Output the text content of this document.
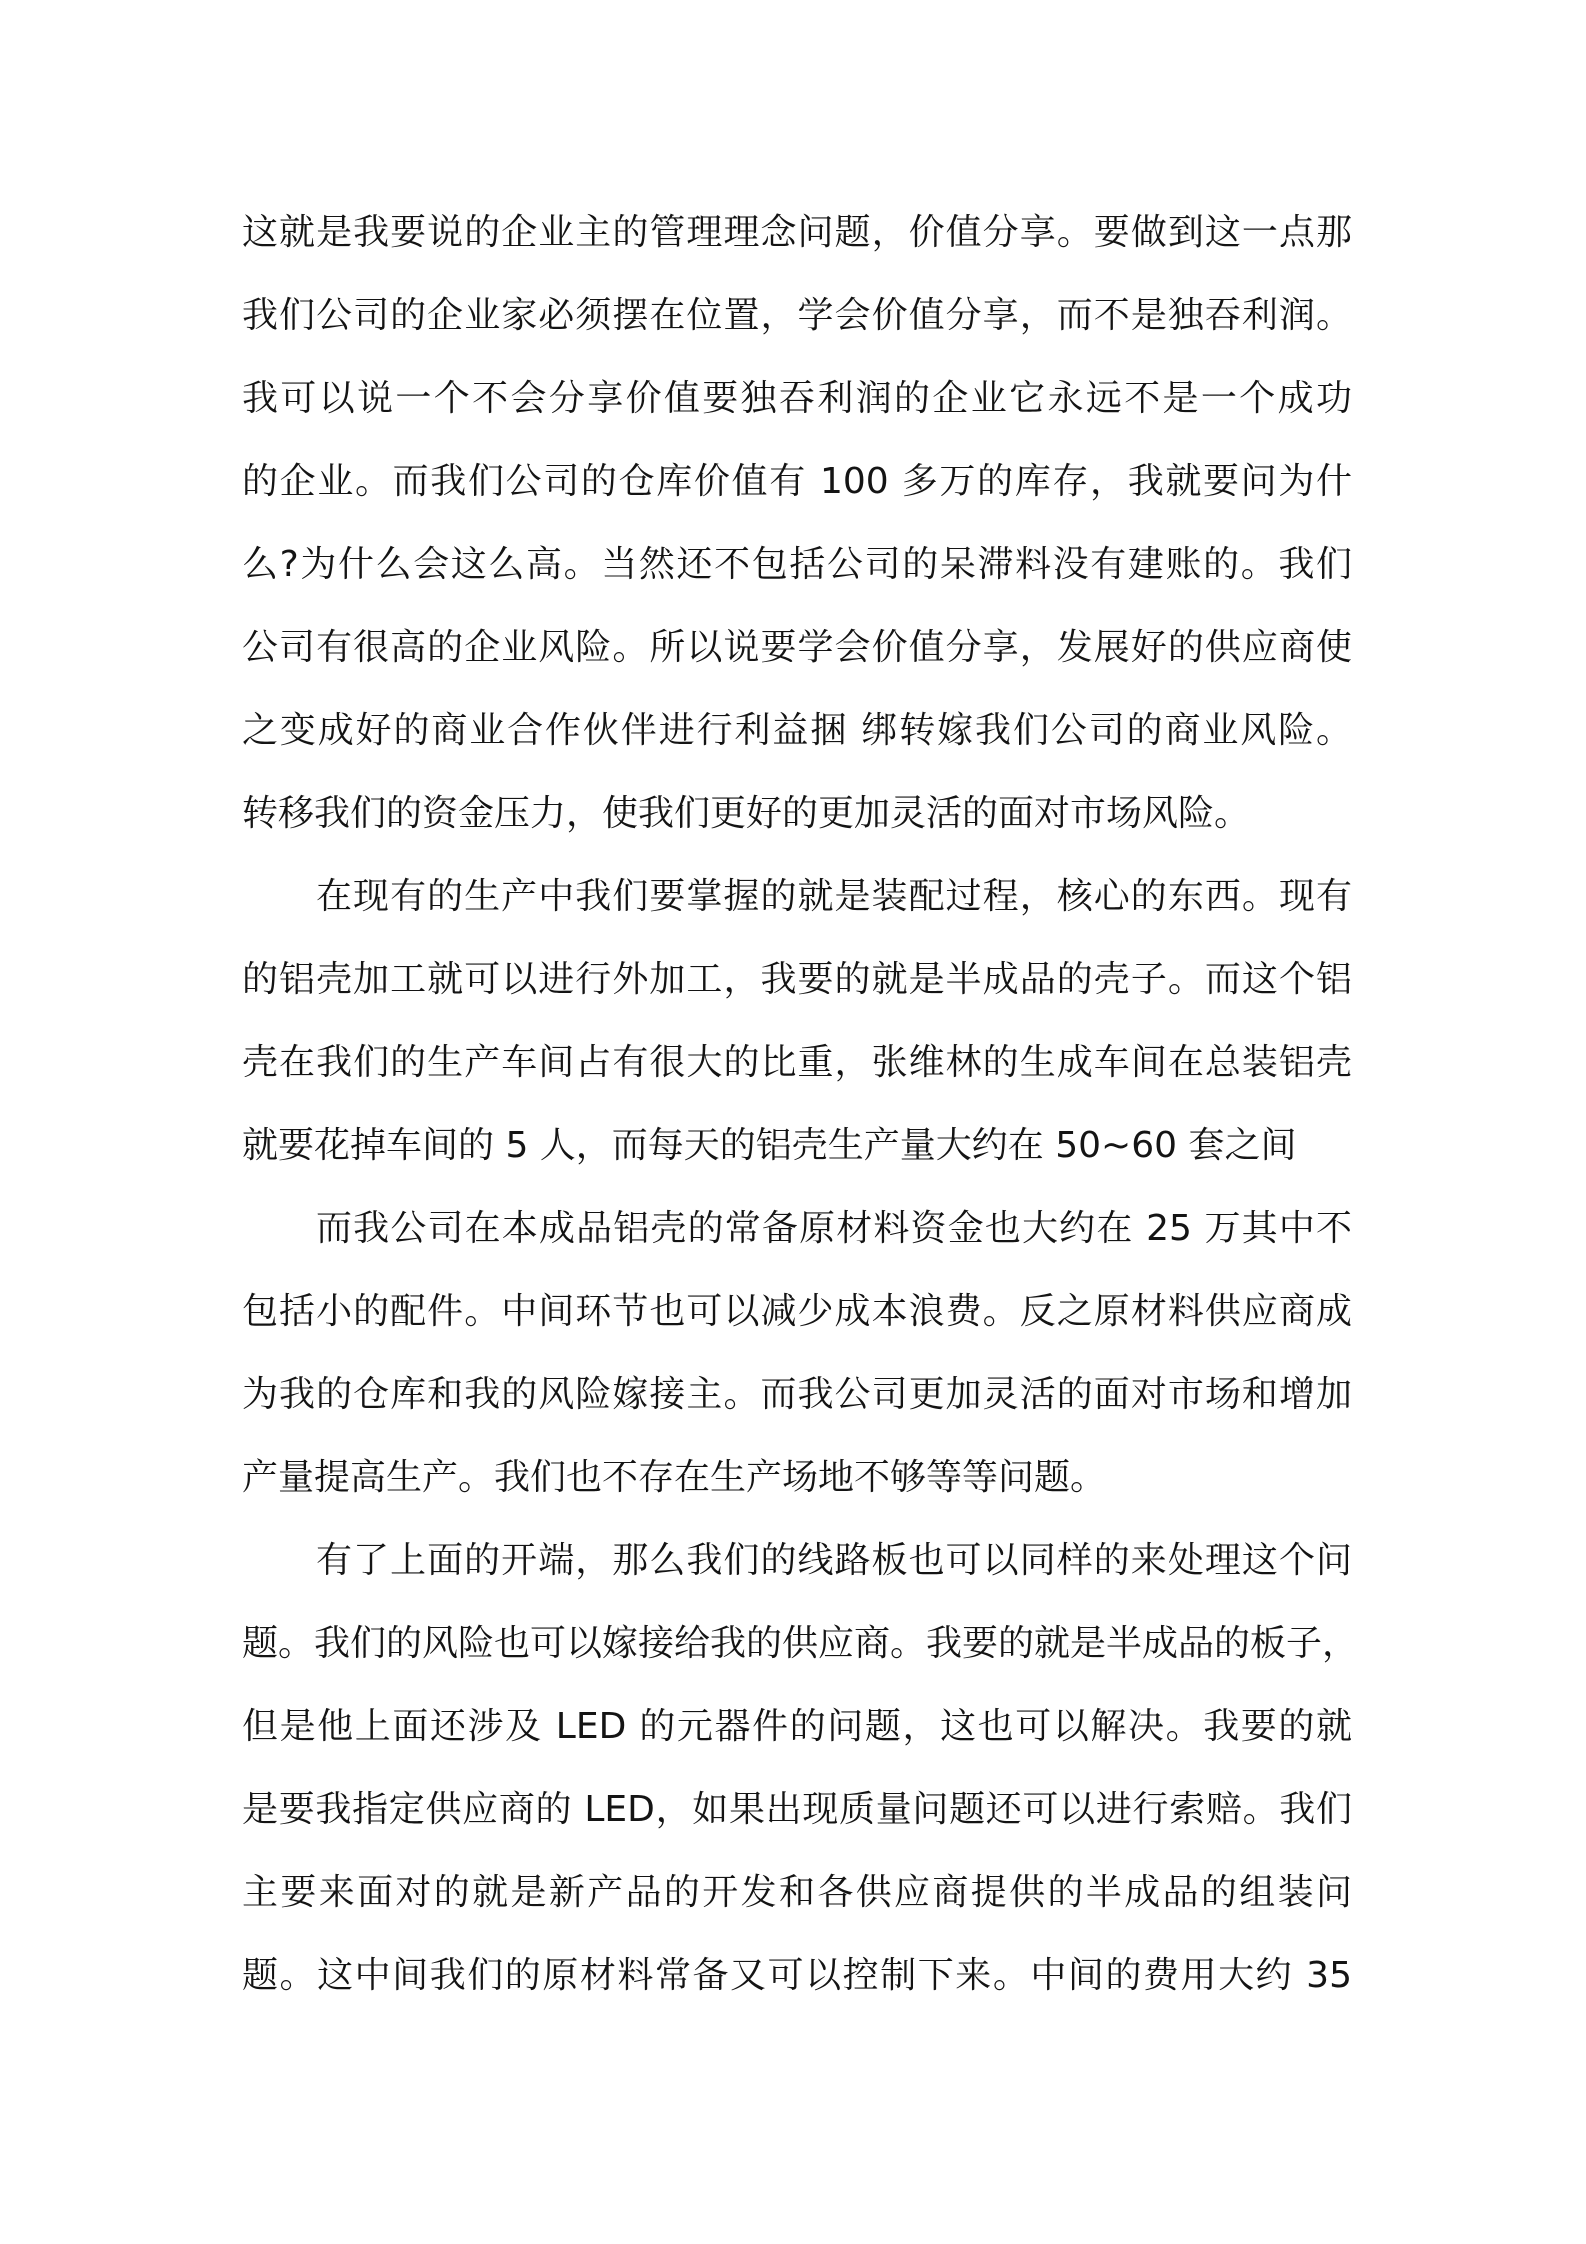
这就是我要说的企业主的管理理念问题，价值分享。要做到这一点那

我们公司的企业家必须摆在位置，学会价值分享，而不是独吞利润。

我可以说一个不会分享价值要独吞利润的企业它永远不是一个成功

的企业。而我们公司的仓库价值有 100 多万的库存，我就要问为什

么?为什么会这么高。当然还不包括公司的呆滞料没有建账的。我们

公司有很高的企业风险。所以说要学会价值分享，发展好的供应商使

之变成好的商业合作伙伴进行利益捆 绑转嫁我们公司的商业风险。

转移我们的资金压力，使我们更好的更加灵活的面对市场风险。

在现有的生产中我们要掌握的就是装配过程，核心的东西。现有

的铝壳加工就可以进行外加工，我要的就是半成品的壳子。而这个铝

壳在我们的生产车间占有很大的比重，张维林的生成车间在总装铝壳

就要花掉车间的 5 人，而每天的铝壳生产量大约在 50~60 套之间

而我公司在本成品铝壳的常备原材料资金也大约在 25 万其中不

包括小的配件。中间环节也可以减少成本浪费。反之原材料供应商成

为我的仓库和我的风险嫁接主。而我公司更加灵活的面对市场和增加

产量提高生产。我们也不存在生产场地不够等等问题。

有了上面的开端，那么我们的线路板也可以同样的来处理这个问

题。我们的风险也可以嫁接给我的供应商。我要的就是半成品的板子，

但是他上面还涉及 LED 的元器件的问题，这也可以解决。我要的就

是要我指定供应商的 LED，如果出现质量问题还可以进行索赔。我们

主要来面对的就是新产品的开发和各供应商提供的半成品的组装问

题。这中间我们的原材料常备又可以控制下来。中间的费用大约 35
